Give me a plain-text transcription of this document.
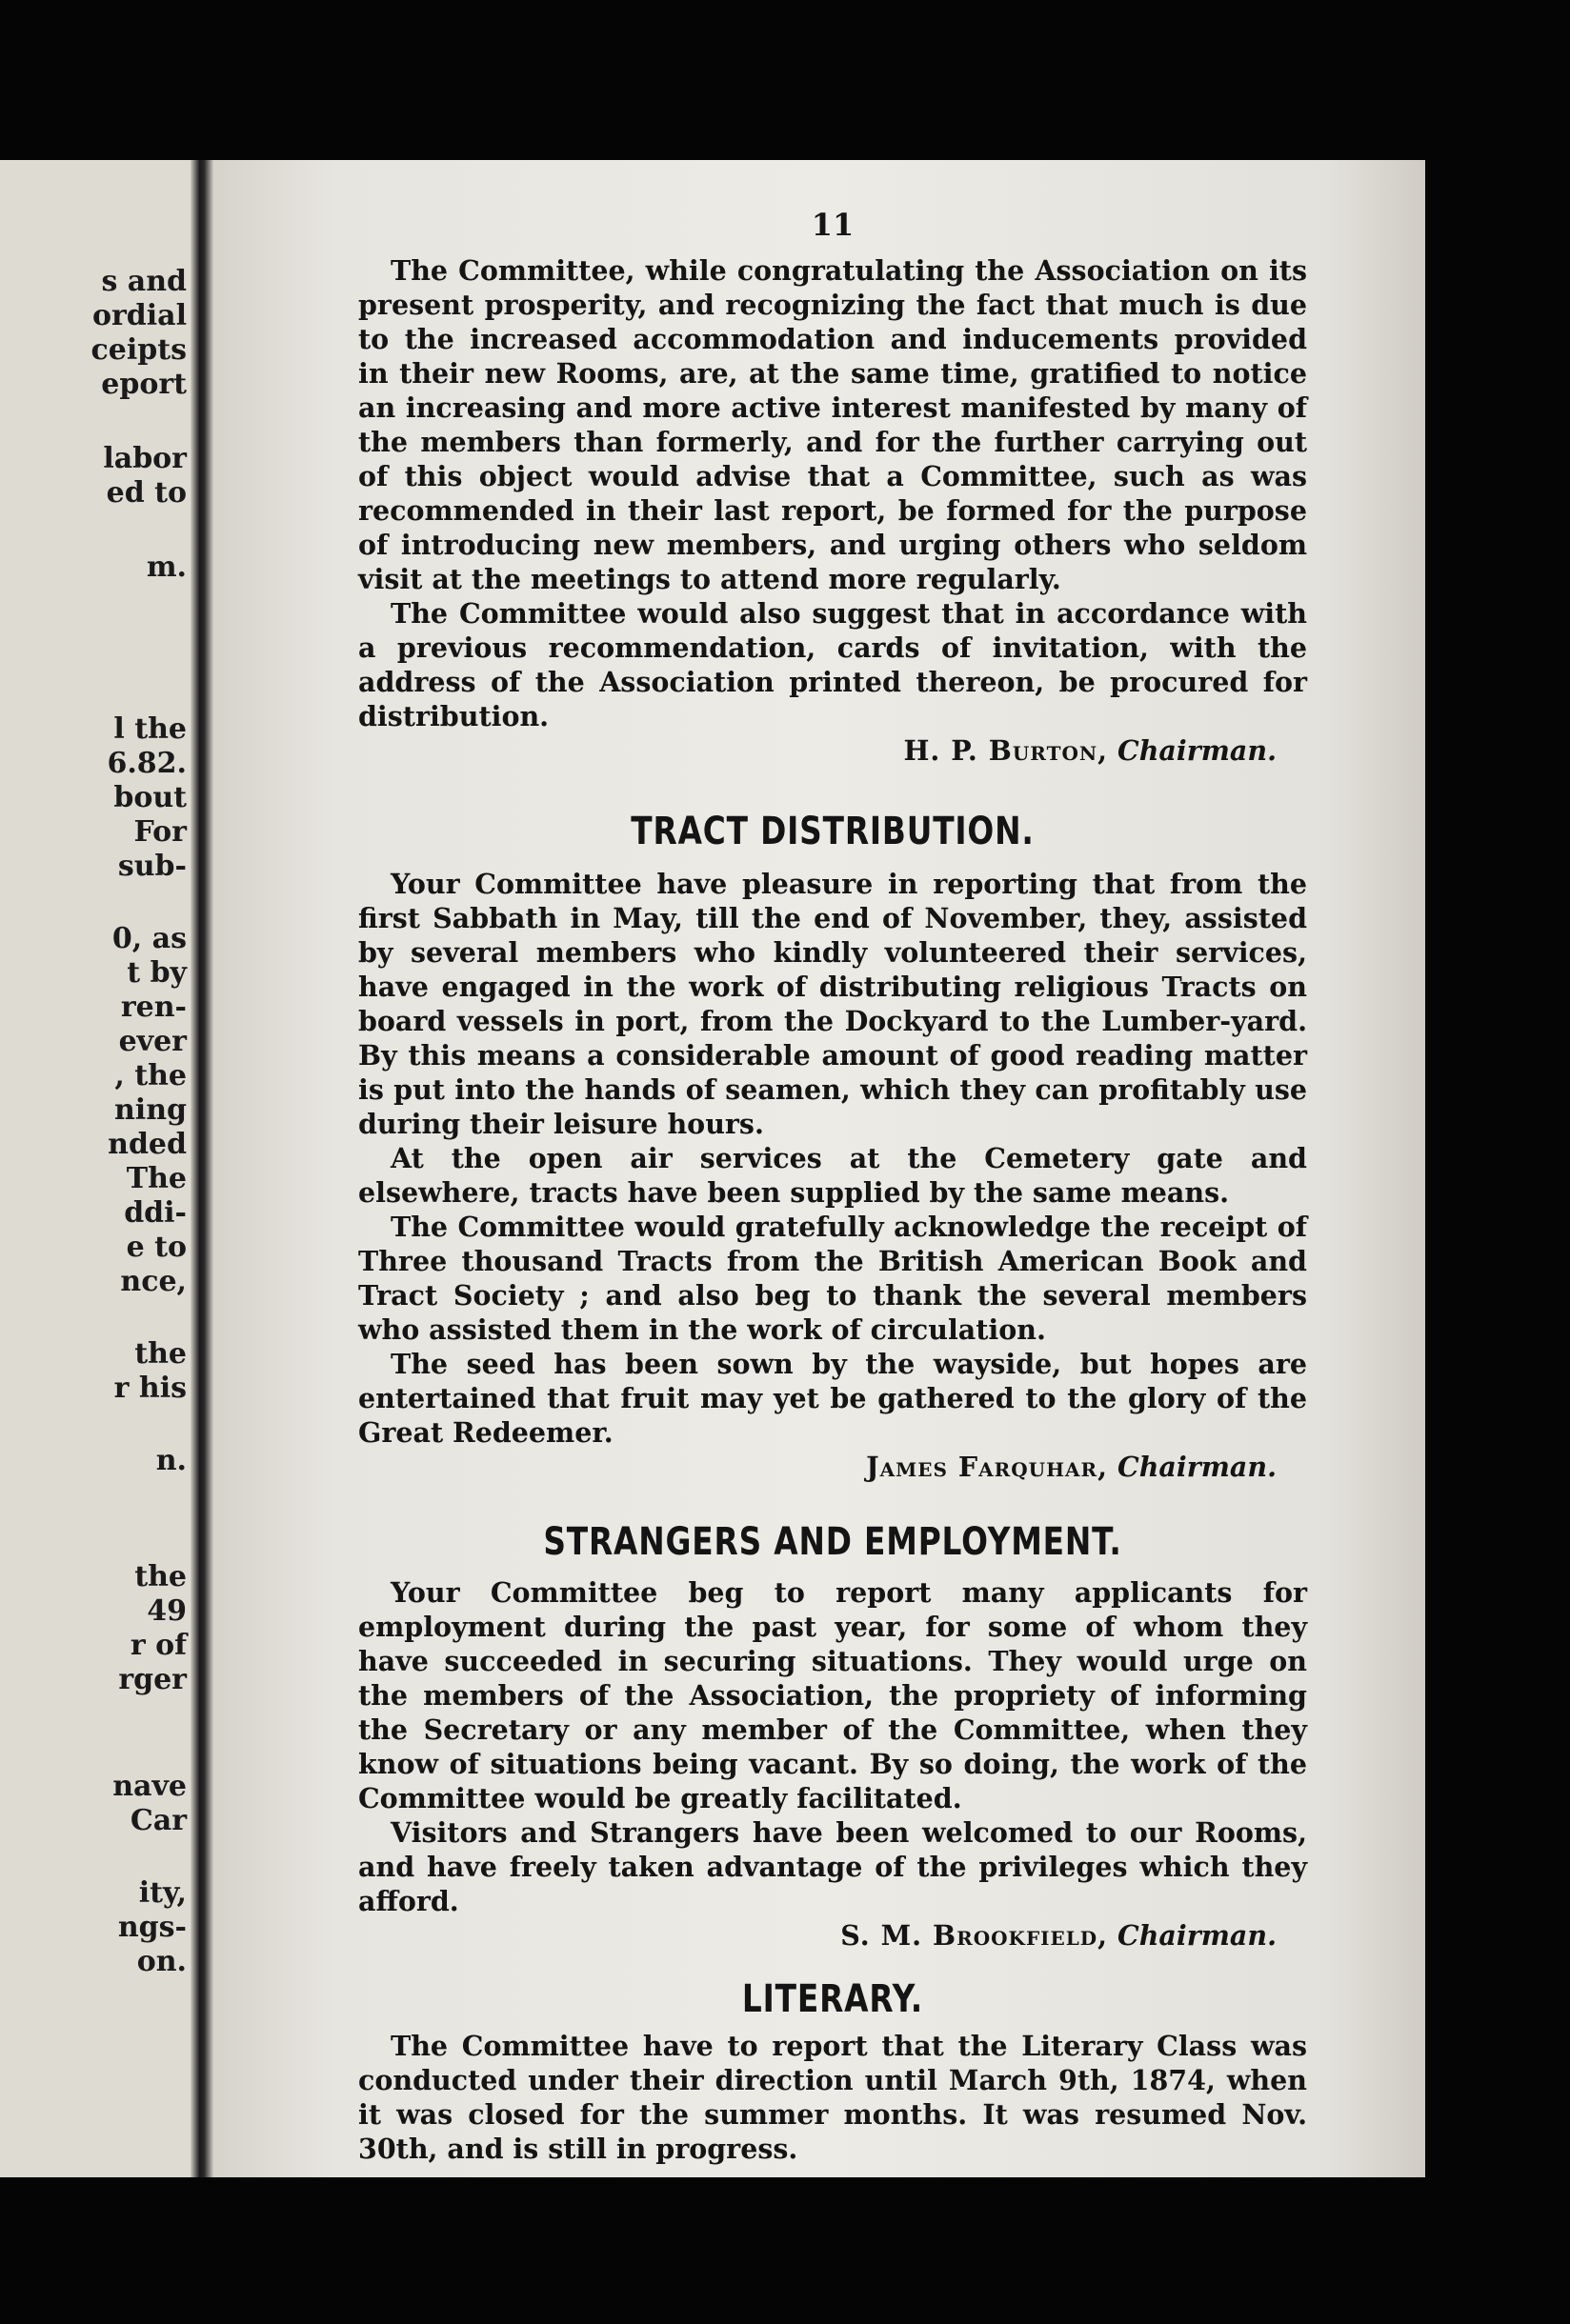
s and
ordial
ceipts
eport
labor
ed to
m.
l the
6.82.
bout
For
sub-
0, as
t by
ren-
ever
, the
ning
nded
The
ddi-
e to
nce,
the
r his
n.
the
49
r of
rger
nave
Car
ity,
ngs-
on.
11

The Committee, while congratulating the Association on its present prosperity, and recognizing the fact that much is due to the increased accommodation and inducements provided in their new Rooms, are, at the same time, gratified to notice an increasing and more active interest manifested by many of the members than formerly, and for the further carrying out of this object would advise that a Committee, such as was recommended in their last report, be formed for the purpose of introducing new members, and urging others who seldom visit at the meetings to attend more regularly.

The Committee would also suggest that in accordance with a previous recommendation, cards of invitation, with the address of the Association printed thereon, be procured for distribution.

H. P. Burton, Chairman.
TRACT DISTRIBUTION.

Your Committee have pleasure in reporting that from the first Sabbath in May, till the end of November, they, assisted by several members who kindly volunteered their services, have engaged in the work of distributing religious Tracts on board vessels in port, from the Dockyard to the Lumber-yard. By this means a considerable amount of good reading matter is put into the hands of seamen, which they can profitably use during their leisure hours.

At the open air services at the Cemetery gate and elsewhere, tracts have been supplied by the same means.

The Committee would gratefully acknowledge the receipt of Three thousand Tracts from the British American Book and Tract Society ; and also beg to thank the several members who assisted them in the work of circulation.

The seed has been sown by the wayside, but hopes are entertained that fruit may yet be gathered to the glory of the Great Redeemer.

James Farquhar, Chairman.
STRANGERS AND EMPLOYMENT.

Your Committee beg to report many applicants for employment during the past year, for some of whom they have succeeded in securing situations. They would urge on the members of the Association, the propriety of informing the Secretary or any member of the Committee, when they know of situations being vacant. By so doing, the work of the Committee would be greatly facilitated.

Visitors and Strangers have been welcomed to our Rooms, and have freely taken advantage of the privileges which they afford.

S. M. Brookfield, Chairman.
LITERARY.

The Committee have to report that the Literary Class was conducted under their direction until March 9th, 1874, when it was closed for the summer months. It was resumed Nov. 30th, and is still in progress.
